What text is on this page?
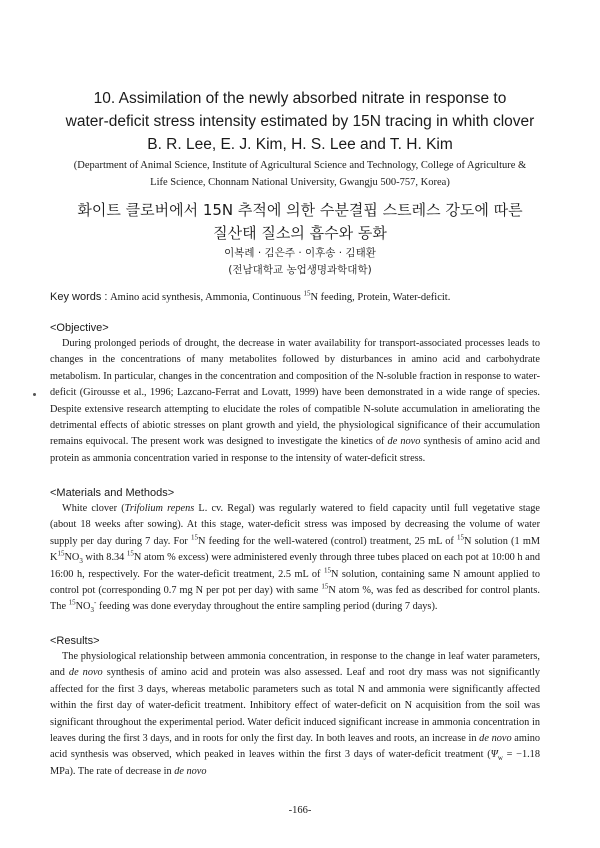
10. Assimilation of the newly absorbed nitrate in response to
water-deficit stress intensity estimated by 15N tracing in whith clover
B. R. Lee, E. J. Kim, H. S. Lee and T. H. Kim
(Department of Animal Science, Institute of Agricultural Science and Technology, College of Agriculture &
Life Science, Chonnam National University, Gwangju 500-757, Korea)
화이트 클로버에서 15N 추적에 의한 수분결핍 스트레스 강도에 따른
질산태 질소의 흡수와 동화
이복례 · 김은주 · 이후송 · 김태환
(전남대학교 농업생명과학대학)
Key words : Amino acid synthesis, Ammonia, Continuous $^{15}$N feeding, Protein, Water-deficit.
<Objective>

During prolonged periods of drought, the decrease in water availability for transport-associated processes leads to changes in the concentrations of many metabolites followed by disturbances in amino acid and carbohydrate metabolism. In particular, changes in the concentration and composition of the N-soluble fraction in response to water-deficit (Girousse et al., 1996; Lazcano-Ferrat and Lovatt, 1999) have been demonstrated in a wide range of species. Despite extensive research attempting to elucidate the roles of compatible N-solute accumulation in ameliorating the detrimental effects of abiotic stresses on plant growth and yield, the physiological significance of their accumulation remains equivocal. The present work was designed to investigate the kinetics of de novo synthesis of amino acid and protein as ammonia concentration varied in response to the intensity of water-deficit stress.

<Materials and Methods>

White clover (Trifolium repens L. cv. Regal) was regularly watered to field capacity until full vegetative stage (about 18 weeks after sowing). At this stage, water-deficit stress was imposed by decreasing the volume of water supply per day during 7 day. For $^{15}$N feeding for the well-watered (control) treatment, 25 mL of $^{15}$N solution (1 mM $K^{15}NO_3$ with 8.34 $^{15}$N atom % excess) were administered evenly through three tubes placed on each pot at 10:00 h and 16:00 h, respectively. For the water-deficit treatment, 2.5 mL of $^{15}$N solution, containing same N amount applied to control pot (corresponding 0.7 mg N per pot per day) with same $^{15}$N atom %, was fed as described for control plants. The $^{15}NO_3^-$ feeding was done everyday throughout the entire sampling period (during 7 days).

<Results>

The physiological relationship between ammonia concentration, in response to the change in leaf water parameters, and de novo synthesis of amino acid and protein was also assessed. Leaf and root dry mass was not significantly affected for the first 3 days, whereas metabolic parameters such as total N and ammonia were significantly affected within the first day of water-deficit treatment. Inhibitory effect of water-deficit on N acquisition from the soil was significant throughout the experimental period. Water deficit induced significant increase in ammonia concentration in leaves during the first 3 days, and in roots for only the first day. In both leaves and roots, an increase in de novo amino acid synthesis was observed, which peaked in leaves within the first 3 days of water-deficit treatment ($\Psi_w = -1.18$ MPa). The rate of decrease in de novo

-166-
